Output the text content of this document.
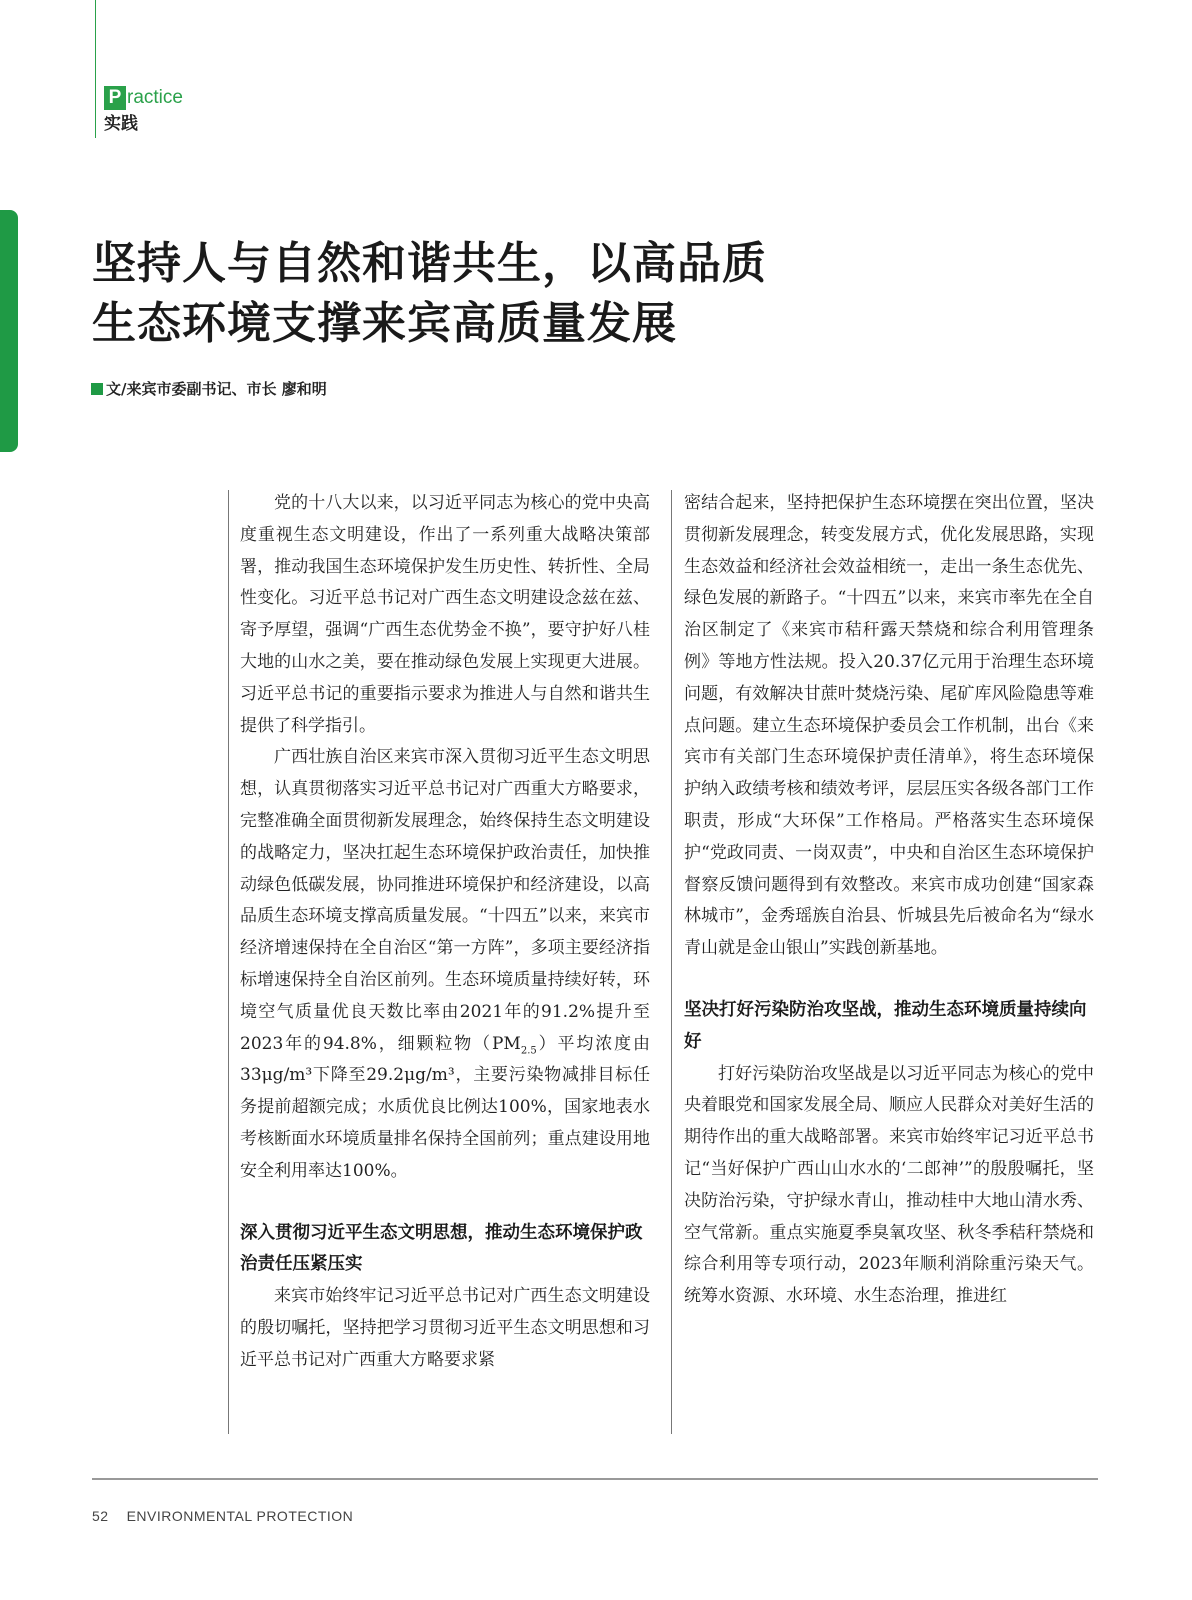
P ractice
实践
坚持人与自然和谐共生，以高品质
生态环境支撑来宾高质量发展
文/来宾市委副书记、市长 廖和明

党的十八大以来，以习近平同志为核心的党中央高度重视生态文明建设，作出了一系列重大战略决策部署，推动我国生态环境保护发生历史性、转折性、全局性变化。习近平总书记对广西生态文明建设念兹在兹、寄予厚望，强调“广西生态优势金不换”，要守护好八桂大地的山水之美，要在推动绿色发展上实现更大进展。习近平总书记的重要指示要求为推进人与自然和谐共生提供了科学指引。

广西壮族自治区来宾市深入贯彻习近平生态文明思想，认真贯彻落实习近平总书记对广西重大方略要求，完整准确全面贯彻新发展理念，始终保持生态文明建设的战略定力，坚决扛起生态环境保护政治责任，加快推动绿色低碳发展，协同推进环境保护和经济建设，以高品质生态环境支撑高质量发展。“十四五”以来，来宾市经济增速保持在全自治区“第一方阵”，多项主要经济指标增速保持全自治区前列。生态环境质量持续好转，环境空气质量优良天数比率由2021年的91.2%提升至2023年的94.8%，细颗粒物$(PM_{2.5})$平均浓度由33μg/m³下降至29.2μg/m³，主要污染物减排目标任务提前超额完成；水质优良比例达100%，国家地表水考核断面水环境质量排名保持全国前列；重点建设用地安全利用率达100%。

深入贯彻习近平生态文明思想，推动生态环境保护政治责任压紧压实

来宾市始终牢记习近平总书记对广西生态文明建设的殷切嘱托，坚持把学习贯彻习近平生态文明思想和习近平总书记对广西重大方略要求紧

密结合起来，坚持把保护生态环境摆在突出位置，坚决贯彻新发展理念，转变发展方式，优化发展思路，实现生态效益和经济社会效益相统一，走出一条生态优先、绿色发展的新路子。“十四五”以来，来宾市率先在全自治区制定了《来宾市秸秆露天禁烧和综合利用管理条例》等地方性法规。投入20.37亿元用于治理生态环境问题，有效解决甘蔗叶焚烧污染、尾矿库风险隐患等难点问题。建立生态环境保护委员会工作机制，出台《来宾市有关部门生态环境保护责任清单》，将生态环境保护纳入政绩考核和绩效考评，层层压实各级各部门工作职责，形成“大环保”工作格局。严格落实生态环境保护“党政同责、一岗双责”，中央和自治区生态环境保护督察反馈问题得到有效整改。来宾市成功创建“国家森林城市”，金秀瑶族自治县、忻城县先后被命名为“绿水青山就是金山银山”实践创新基地。

坚决打好污染防治攻坚战，推动生态环境质量持续向好

打好污染防治攻坚战是以习近平同志为核心的党中央着眼党和国家发展全局、顺应人民群众对美好生活的期待作出的重大战略部署。来宾市始终牢记习近平总书记“当好保护广西山山水水的‘二郎神’”的殷殷嘱托，坚决防治污染，守护绿水青山，推动桂中大地山清水秀、空气常新。重点实施夏季臭氧攻坚、秋冬季秸秆禁烧和综合利用等专项行动，2023年顺利消除重污染天气。统筹水资源、水环境、水生态治理，推进红

52 ENVIRONMENTAL PROTECTION
